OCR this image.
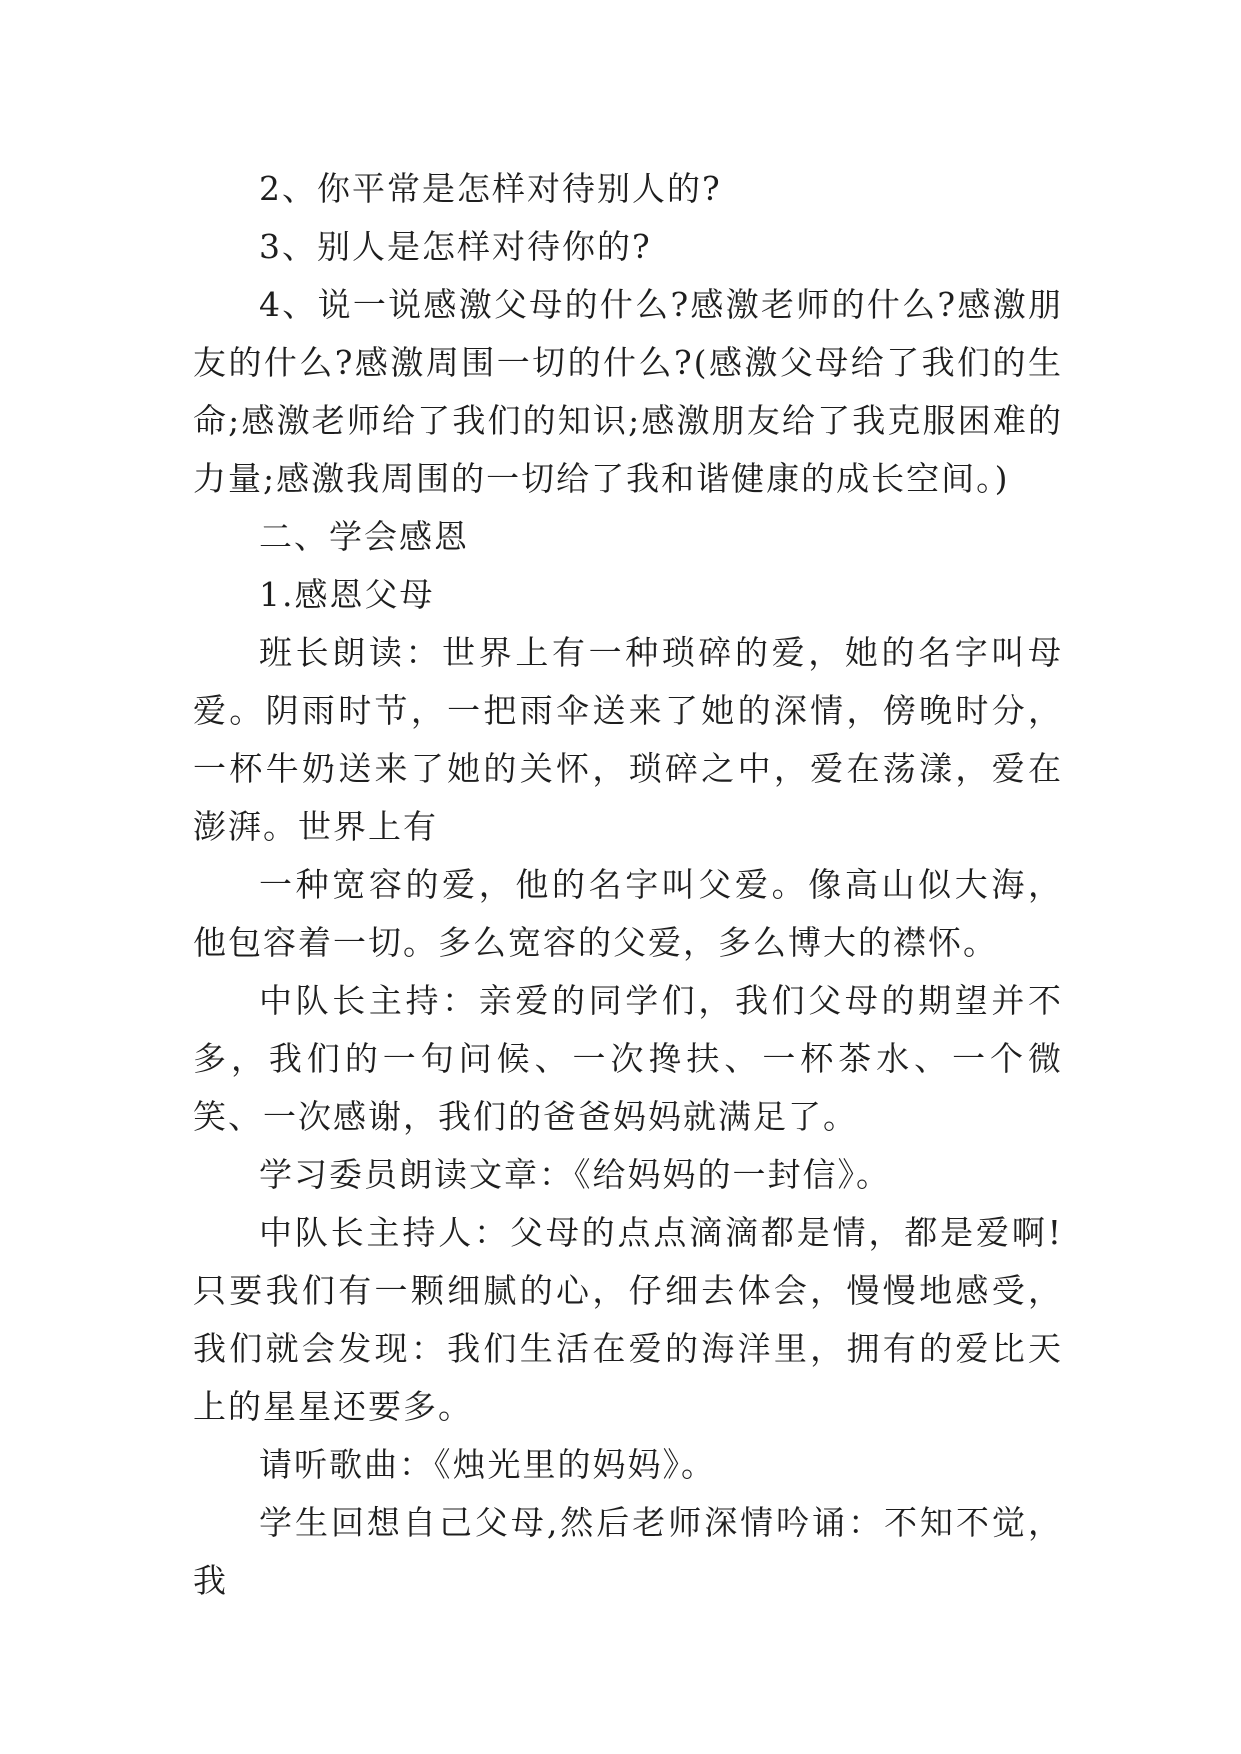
2、你平常是怎样对待别人的?

3、别人是怎样对待你的?

4、说一说感激父母的什么?感激老师的什么?感激朋友的什么?感激周围一切的什么?(感激父母给了我们的生命;感激老师给了我们的知识;感激朋友给了我克服困难的力量;感激我周围的一切给了我和谐健康的成长空间。)

二、学会感恩

1.感恩父母

班长朗读：世界上有一种琐碎的爱，她的名字叫母爱。阴雨时节，一把雨伞送来了她的深情，傍晚时分，一杯牛奶送来了她的关怀，琐碎之中，爱在荡漾，爱在澎湃。世界上有

一种宽容的爱，他的名字叫父爱。像高山似大海，他包容着一切。多么宽容的父爱，多么博大的襟怀。

中队长主持：亲爱的同学们，我们父母的期望并不多，我们的一句问候、一次搀扶、一杯茶水、一个微笑、一次感谢，我们的爸爸妈妈就满足了。

学习委员朗读文章：《给妈妈的一封信》。

中队长主持人：父母的点点滴滴都是情，都是爱啊!只要我们有一颗细腻的心，仔细去体会，慢慢地感受，我们就会发现：我们生活在爱的海洋里，拥有的爱比天上的星星还要多。

请听歌曲：《烛光里的妈妈》。

学生回想自己父母,然后老师深情吟诵：不知不觉，我
